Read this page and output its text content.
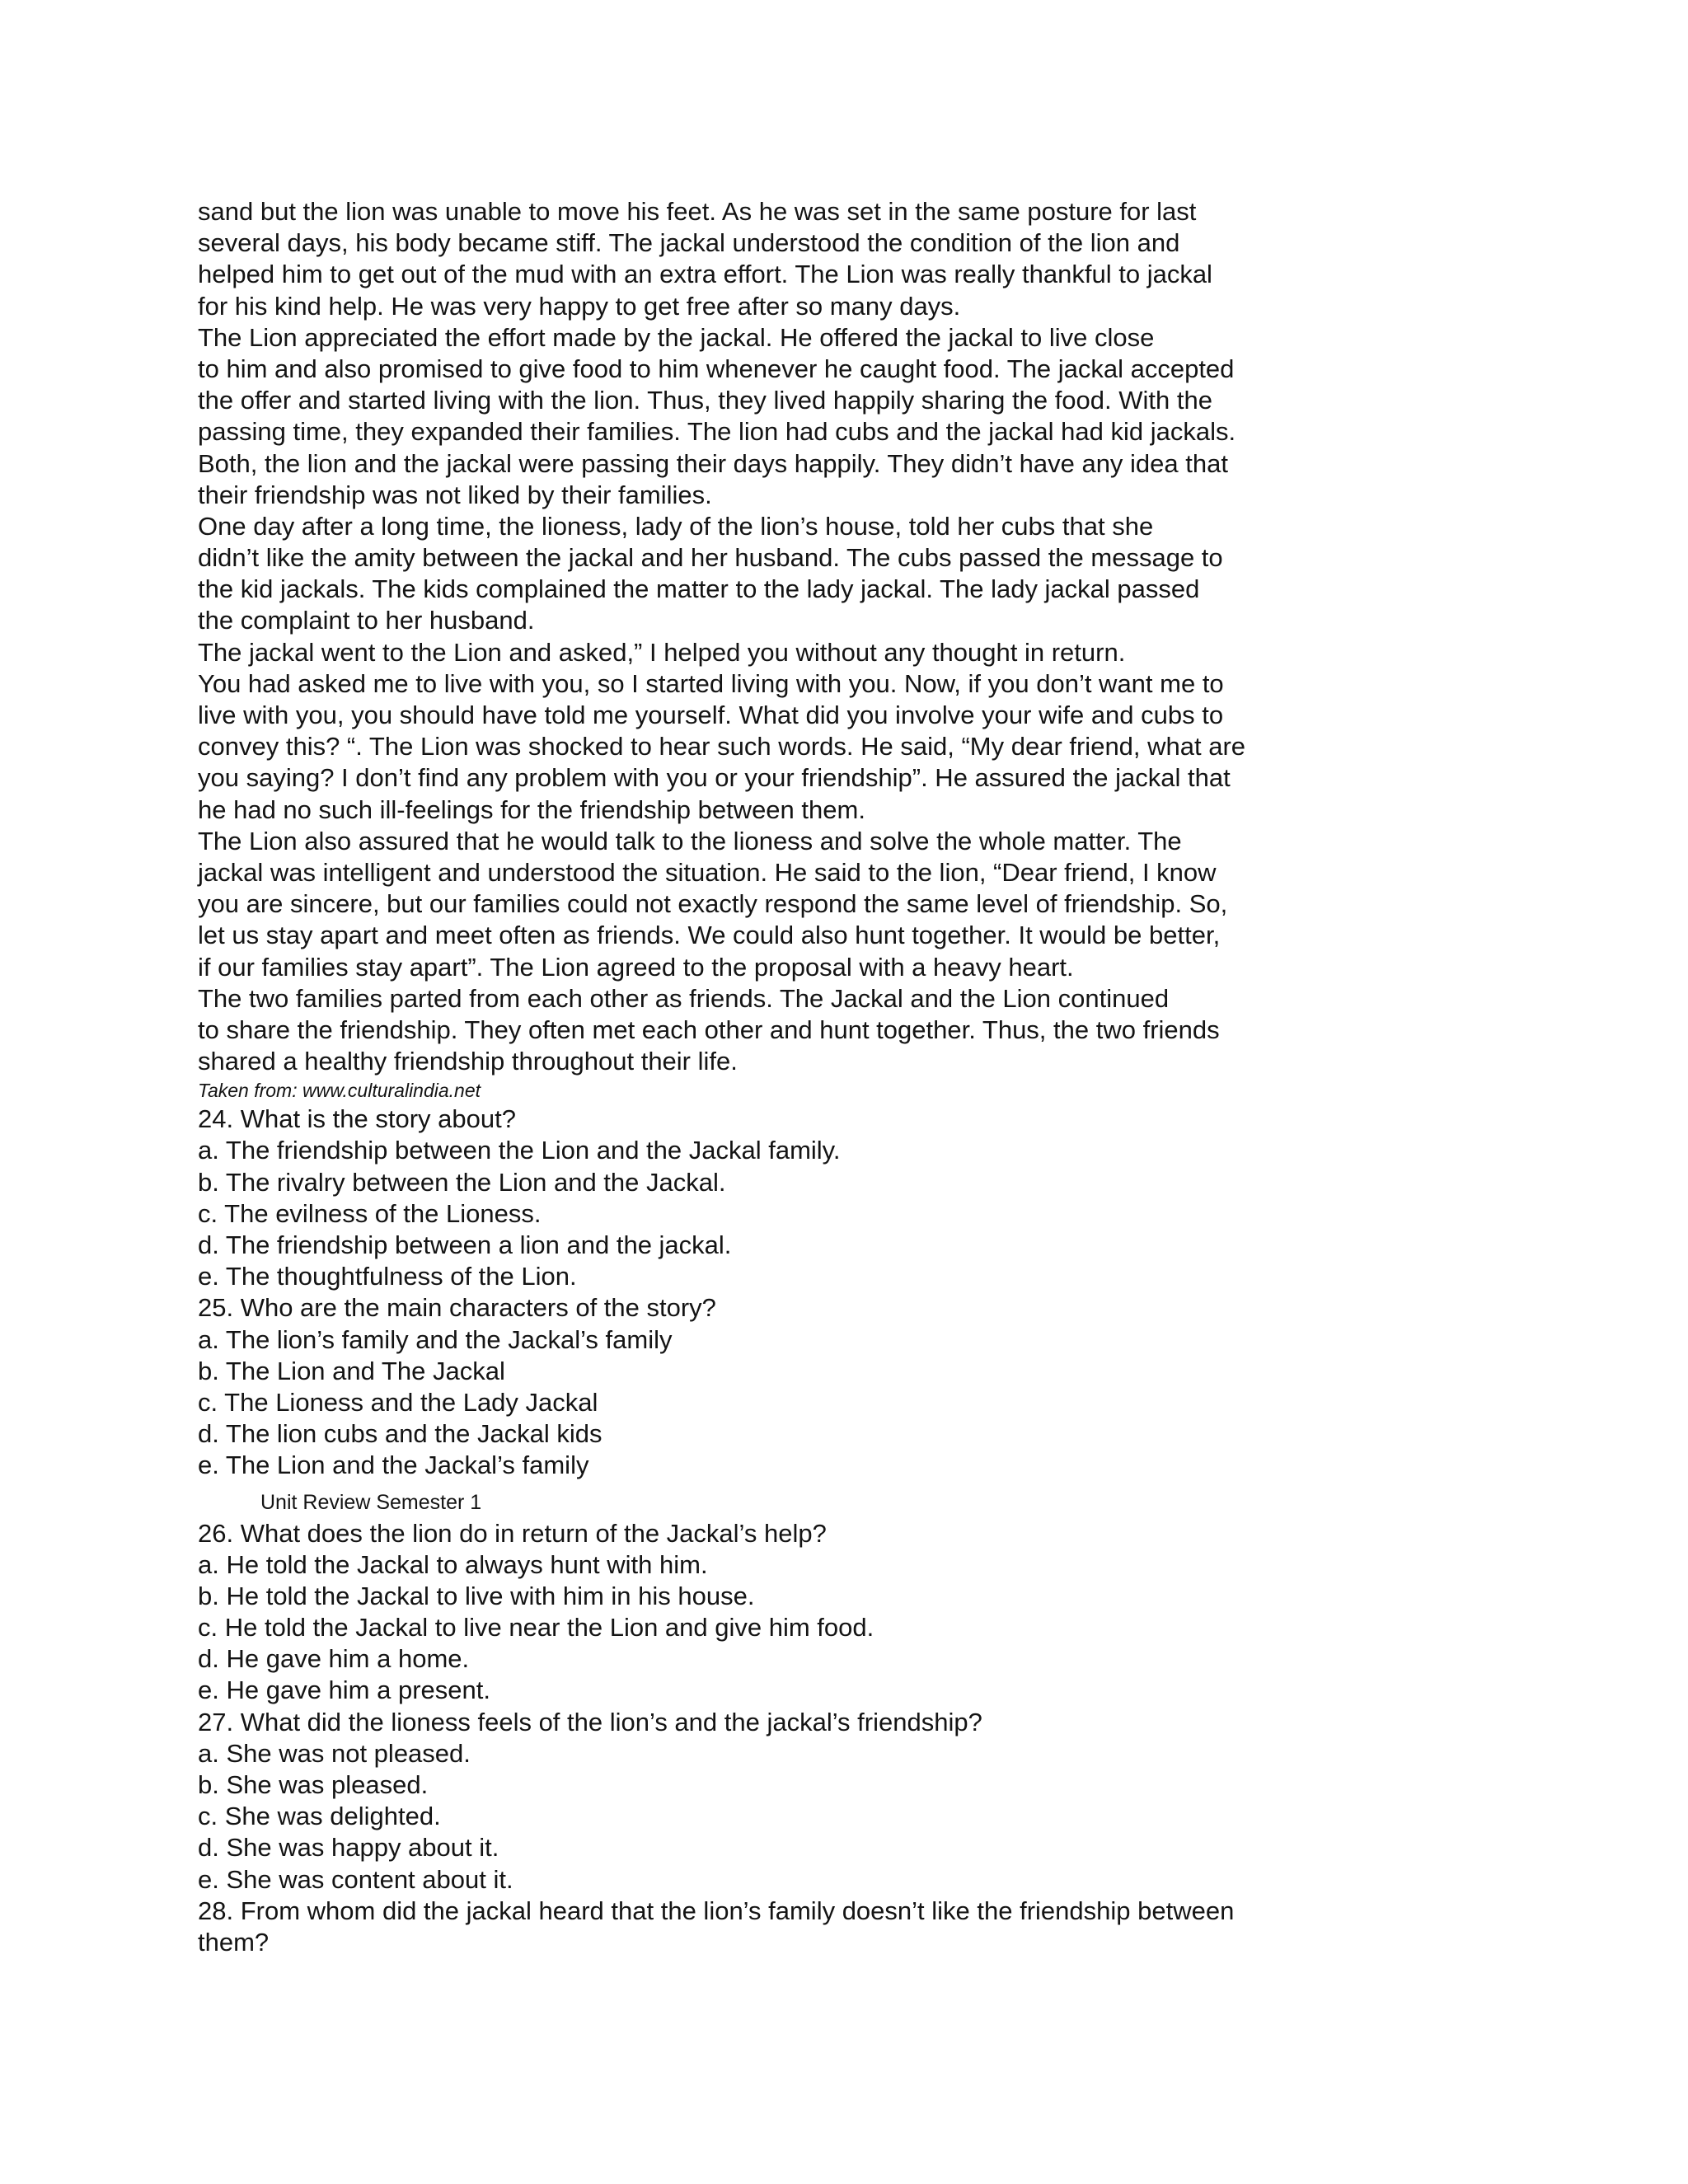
sand but the lion was unable to move his feet. As he was set in the same posture for last
several days, his body became stiff. The jackal understood the condition of the lion and
helped him to get out of the mud with an extra effort. The Lion was really thankful to jackal
for his kind help. He was very happy to get free after so many days.
The Lion appreciated the effort made by the jackal. He offered the jackal to live close
to him and also promised to give food to him whenever he caught food. The jackal accepted
the offer and started living with the lion. Thus, they lived happily sharing the food. With the
passing time, they expanded their families. The lion had cubs and the jackal had kid jackals.
Both, the lion and the jackal were passing their days happily. They didn’t have any idea that
their friendship was not liked by their families.
One day after a long time, the lioness, lady of the lion’s house, told her cubs that she
didn’t like the amity between the jackal and her husband. The cubs passed the message to
the kid jackals. The kids complained the matter to the lady jackal. The lady jackal passed
the complaint to her husband.
The jackal went to the Lion and asked,” I helped you without any thought in return.
You had asked me to live with you, so I started living with you. Now, if you don’t want me to
live with you, you should have told me yourself. What did you involve your wife and cubs to
convey this? “. The Lion was shocked to hear such words. He said, “My dear friend, what are
you saying? I don’t find any problem with you or your friendship”. He assured the jackal that
he had no such ill-feelings for the friendship between them.
The Lion also assured that he would talk to the lioness and solve the whole matter. The
jackal was intelligent and understood the situation. He said to the lion, “Dear friend, I know
you are sincere, but our families could not exactly respond the same level of friendship. So,
let us stay apart and meet often as friends. We could also hunt together. It would be better,
if our families stay apart”. The Lion agreed to the proposal with a heavy heart.
The two families parted from each other as friends. The Jackal and the Lion continued
to share the friendship. They often met each other and hunt together. Thus, the two friends
shared a healthy friendship throughout their life.
Taken from: www.culturalindia.net
24. What is the story about?
a. The friendship between the Lion and the Jackal family.
b. The rivalry between the Lion and the Jackal.
c. The evilness of the Lioness.
d. The friendship between a lion and the jackal.
e. The thoughtfulness of the Lion.
25. Who are the main characters of the story?
a. The lion’s family and the Jackal’s family
b. The Lion and The Jackal
c. The Lioness and the Lady Jackal
d. The lion cubs and the Jackal kids
e. The Lion and the Jackal’s family
Unit Review Semester 1
26. What does the lion do in return of the Jackal’s help?
a. He told the Jackal to always hunt with him.
b. He told the Jackal to live with him in his house.
c. He told the Jackal to live near the Lion and give him food.
d. He gave him a home.
e. He gave him a present.
27. What did the lioness feels of the lion’s and the jackal’s friendship?
a. She was not pleased.
b. She was pleased.
c. She was delighted.
d. She was happy about it.
e. She was content about it.
28. From whom did the jackal heard that the lion’s family doesn’t like the friendship between
them?
